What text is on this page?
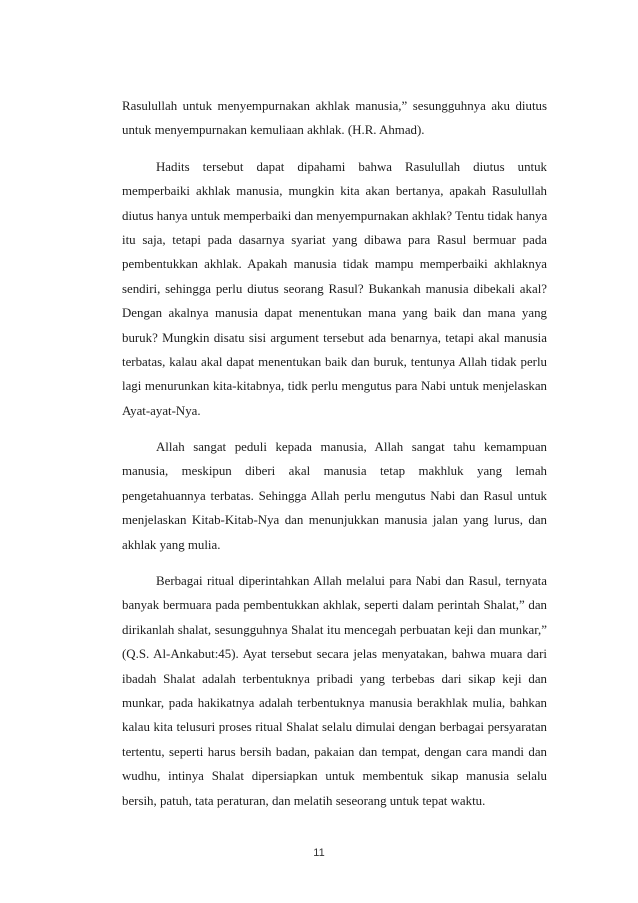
Rasulullah untuk menyempurnakan akhlak manusia,” sesungguhnya aku diutus
untuk menyempurnakan kemuliaan akhlak. (H.R. Ahmad).
Hadits tersebut dapat dipahami bahwa Rasulullah diutus untuk
memperbaiki akhlak manusia, mungkin kita akan bertanya, apakah Rasulullah
diutus hanya untuk memperbaiki dan menyempurnakan akhlak? Tentu tidak hanya
itu saja, tetapi pada dasarnya syariat yang dibawa para Rasul bermuar pada
pembentukkan akhlak. Apakah manusia tidak mampu memperbaiki akhlaknya
sendiri, sehingga perlu diutus seorang Rasul? Bukankah manusia dibekali akal?
Dengan akalnya manusia dapat menentukan mana yang baik dan mana yang
buruk? Mungkin disatu sisi argument tersebut ada benarnya, tetapi akal manusia
terbatas, kalau akal dapat menentukan baik dan buruk, tentunya Allah tidak perlu
lagi menurunkan kita-kitabnya, tidk perlu mengutus para Nabi untuk menjelaskan
Ayat-ayat-Nya.
Allah sangat peduli kepada manusia, Allah sangat tahu kemampuan
manusia, meskipun diberi akal manusia tetap makhluk yang lemah
pengetahuannya terbatas. Sehingga Allah perlu mengutus Nabi dan Rasul untuk
menjelaskan Kitab-Kitab-Nya dan menunjukkan manusia jalan yang lurus, dan
akhlak yang mulia.
Berbagai ritual diperintahkan Allah melalui para Nabi dan Rasul, ternyata
banyak bermuara pada pembentukkan akhlak, seperti dalam perintah Shalat,” dan
dirikanlah shalat, sesungguhnya Shalat itu mencegah perbuatan keji dan munkar,”
(Q.S. Al-Ankabut:45). Ayat tersebut secara jelas menyatakan, bahwa muara dari
ibadah Shalat adalah terbentuknya pribadi yang terbebas dari sikap keji dan
munkar, pada hakikatnya adalah terbentuknya manusia berakhlak mulia, bahkan
kalau kita telusuri proses ritual Shalat selalu dimulai dengan berbagai persyaratan
tertentu, seperti harus bersih badan, pakaian dan tempat, dengan cara mandi dan
wudhu, intinya Shalat dipersiapkan untuk membentuk sikap manusia selalu
bersih, patuh, tata peraturan, dan melatih seseorang untuk tepat waktu.
11
